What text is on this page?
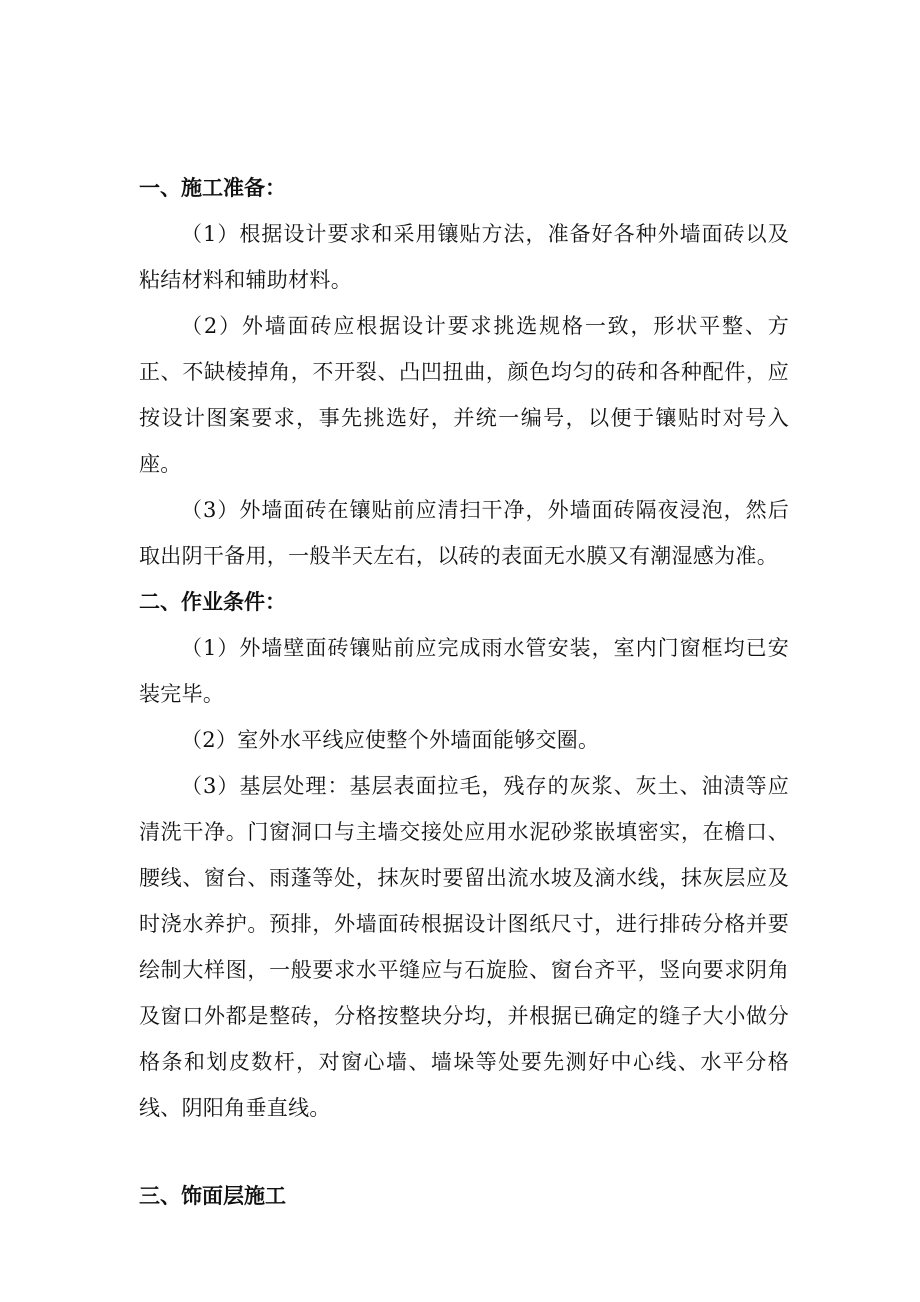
一、施工准备：

（1）根据设计要求和采用镶贴方法，准备好各种外墙面砖以及粘结材料和辅助材料。

（2）外墙面砖应根据设计要求挑选规格一致，形状平整、方正、不缺棱掉角，不开裂、凸凹扭曲，颜色均匀的砖和各种配件，应按设计图案要求，事先挑选好，并统一编号，以便于镶贴时对号入座。

（3）外墙面砖在镶贴前应清扫干净，外墙面砖隔夜浸泡，然后取出阴干备用，一般半天左右，以砖的表面无水膜又有潮湿感为准。

二、作业条件：

（1）外墙壁面砖镶贴前应完成雨水管安装，室内门窗框均已安装完毕。

（2）室外水平线应使整个外墙面能够交圈。

（3）基层处理：基层表面拉毛，残存的灰浆、灰土、油渍等应清洗干净。门窗洞口与主墙交接处应用水泥砂浆嵌填密实，在檐口、腰线、窗台、雨蓬等处，抹灰时要留出流水坡及滴水线，抹灰层应及时浇水养护。预排，外墙面砖根据设计图纸尺寸，进行排砖分格并要绘制大样图，一般要求水平缝应与石旋脸、窗台齐平，竖向要求阴角及窗口外都是整砖，分格按整块分均，并根据已确定的缝子大小做分格条和划皮数杆，对窗心墙、墙垛等处要先测好中心线、水平分格线、阴阳角垂直线。

三、饰面层施工
